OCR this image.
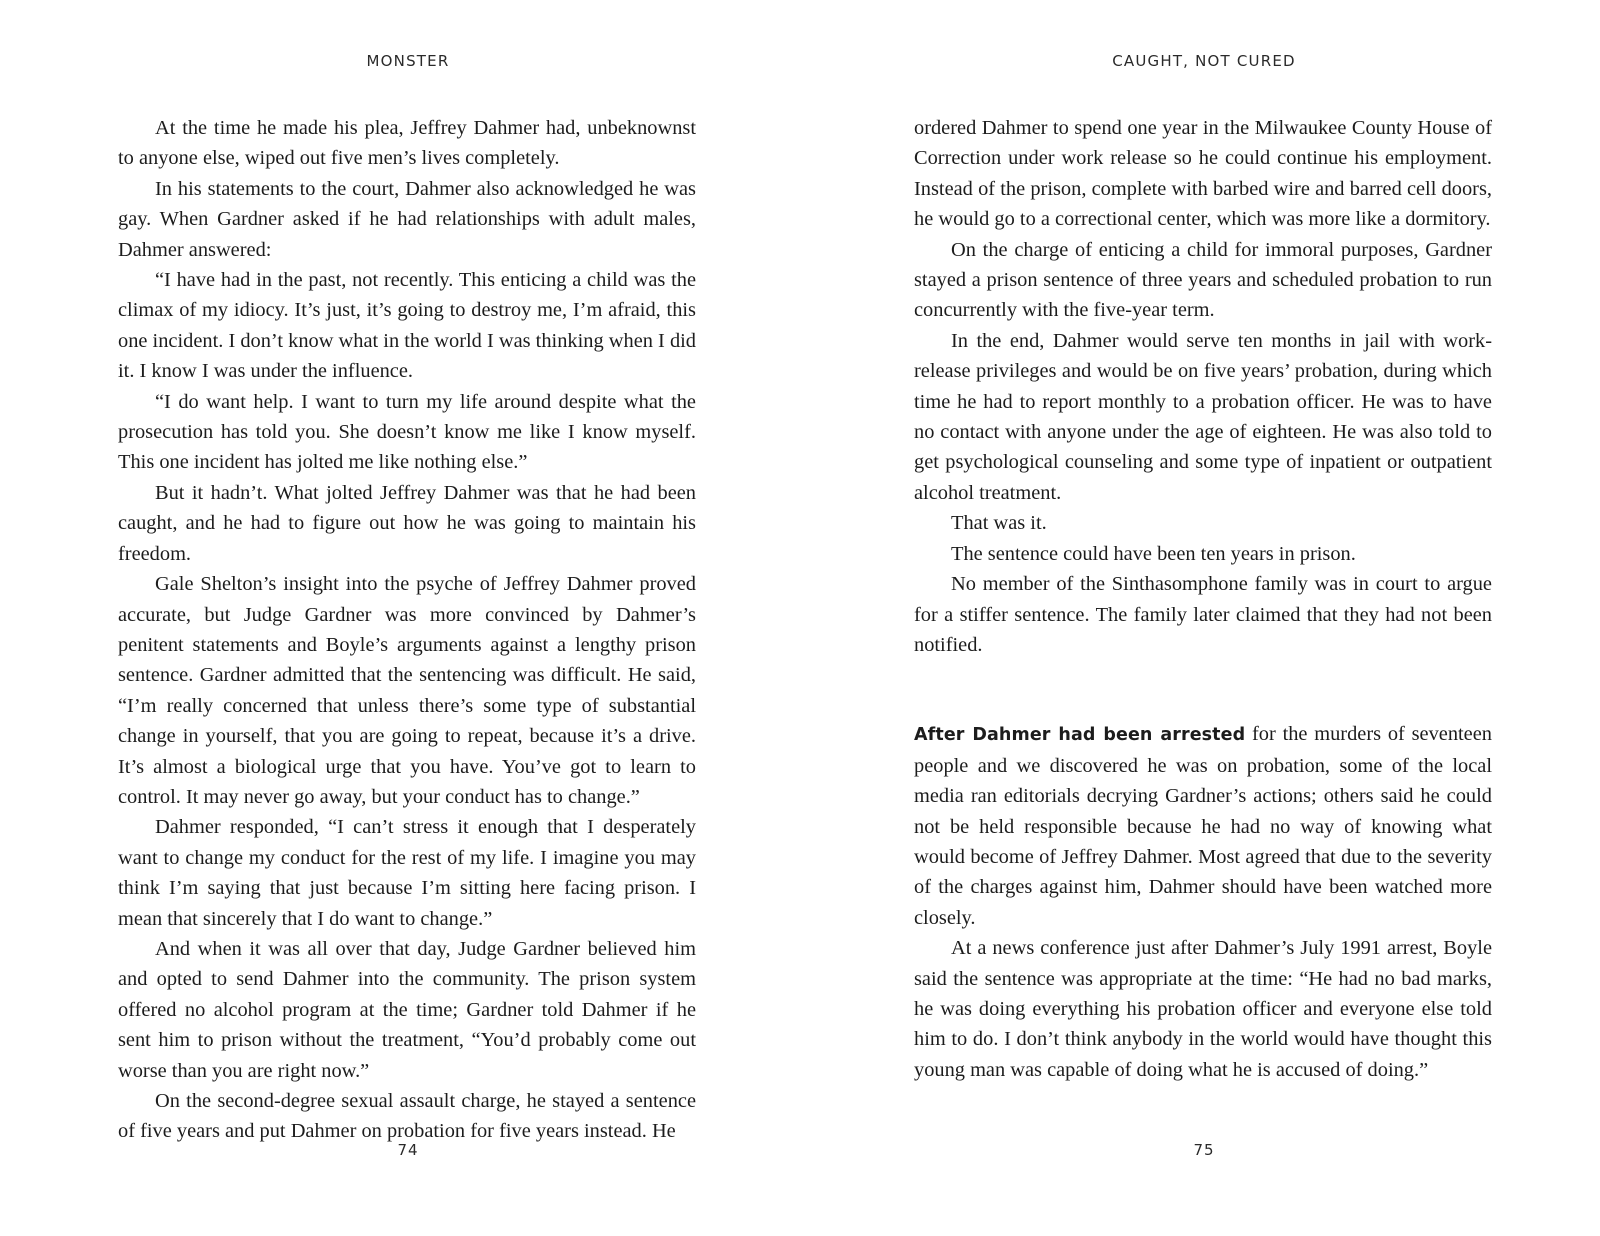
MONSTER

At the time he made his plea, Jeffrey Dahmer had, unbeknownst to anyone else, wiped out five men’s lives completely.

In his statements to the court, Dahmer also acknowledged he was gay. When Gardner asked if he had relationships with adult males, Dahmer answered:

“I have had in the past, not recently. This enticing a child was the climax of my idiocy. It’s just, it’s going to destroy me, I’m afraid, this one incident. I don’t know what in the world I was thinking when I did it. I know I was under the influence.

“I do want help. I want to turn my life around despite what the prosecution has told you. She doesn’t know me like I know myself. This one incident has jolted me like nothing else.”

But it hadn’t. What jolted Jeffrey Dahmer was that he had been caught, and he had to figure out how he was going to maintain his freedom.

Gale Shelton’s insight into the psyche of Jeffrey Dahmer proved accurate, but Judge Gardner was more convinced by Dahmer’s penitent statements and Boyle’s arguments against a lengthy prison sentence. Gardner admitted that the sentencing was difficult. He said, “I’m really concerned that unless there’s some type of substantial change in yourself, that you are going to repeat, because it’s a drive. It’s almost a biological urge that you have. You’ve got to learn to control. It may never go away, but your conduct has to change.”

Dahmer responded, “I can’t stress it enough that I desperately want to change my conduct for the rest of my life. I imagine you may think I’m saying that just because I’m sitting here facing prison. I mean that sincerely that I do want to change.”

And when it was all over that day, Judge Gardner believed him and opted to send Dahmer into the community. The prison system offered no alcohol program at the time; Gardner told Dahmer if he sent him to prison without the treatment, “You’d probably come out worse than you are right now.”

On the second-degree sexual assault charge, he stayed a sentence of five years and put Dahmer on probation for five years instead. He

74
CAUGHT, NOT CURED

ordered Dahmer to spend one year in the Milwaukee County House of Correction under work release so he could continue his employment. Instead of the prison, complete with barbed wire and barred cell doors, he would go to a correctional center, which was more like a dormitory.

On the charge of enticing a child for immoral purposes, Gardner stayed a prison sentence of three years and scheduled probation to run concurrently with the five-year term.

In the end, Dahmer would serve ten months in jail with work-release privileges and would be on five years’ probation, during which time he had to report monthly to a probation officer. He was to have no contact with anyone under the age of eighteen. He was also told to get psychological counseling and some type of inpatient or outpatient alcohol treatment.

That was it.

The sentence could have been ten years in prison.

No member of the Sinthasomphone family was in court to argue for a stiffer sentence. The family later claimed that they had not been notified.

After Dahmer had been arrested for the murders of seventeen people and we discovered he was on probation, some of the local media ran editorials decrying Gardner’s actions; others said he could not be held responsible because he had no way of knowing what would become of Jeffrey Dahmer. Most agreed that due to the severity of the charges against him, Dahmer should have been watched more closely.

At a news conference just after Dahmer’s July 1991 arrest, Boyle said the sentence was appropriate at the time: “He had no bad marks, he was doing everything his probation officer and everyone else told him to do. I don’t think anybody in the world would have thought this young man was capable of doing what he is accused of doing.”

75
